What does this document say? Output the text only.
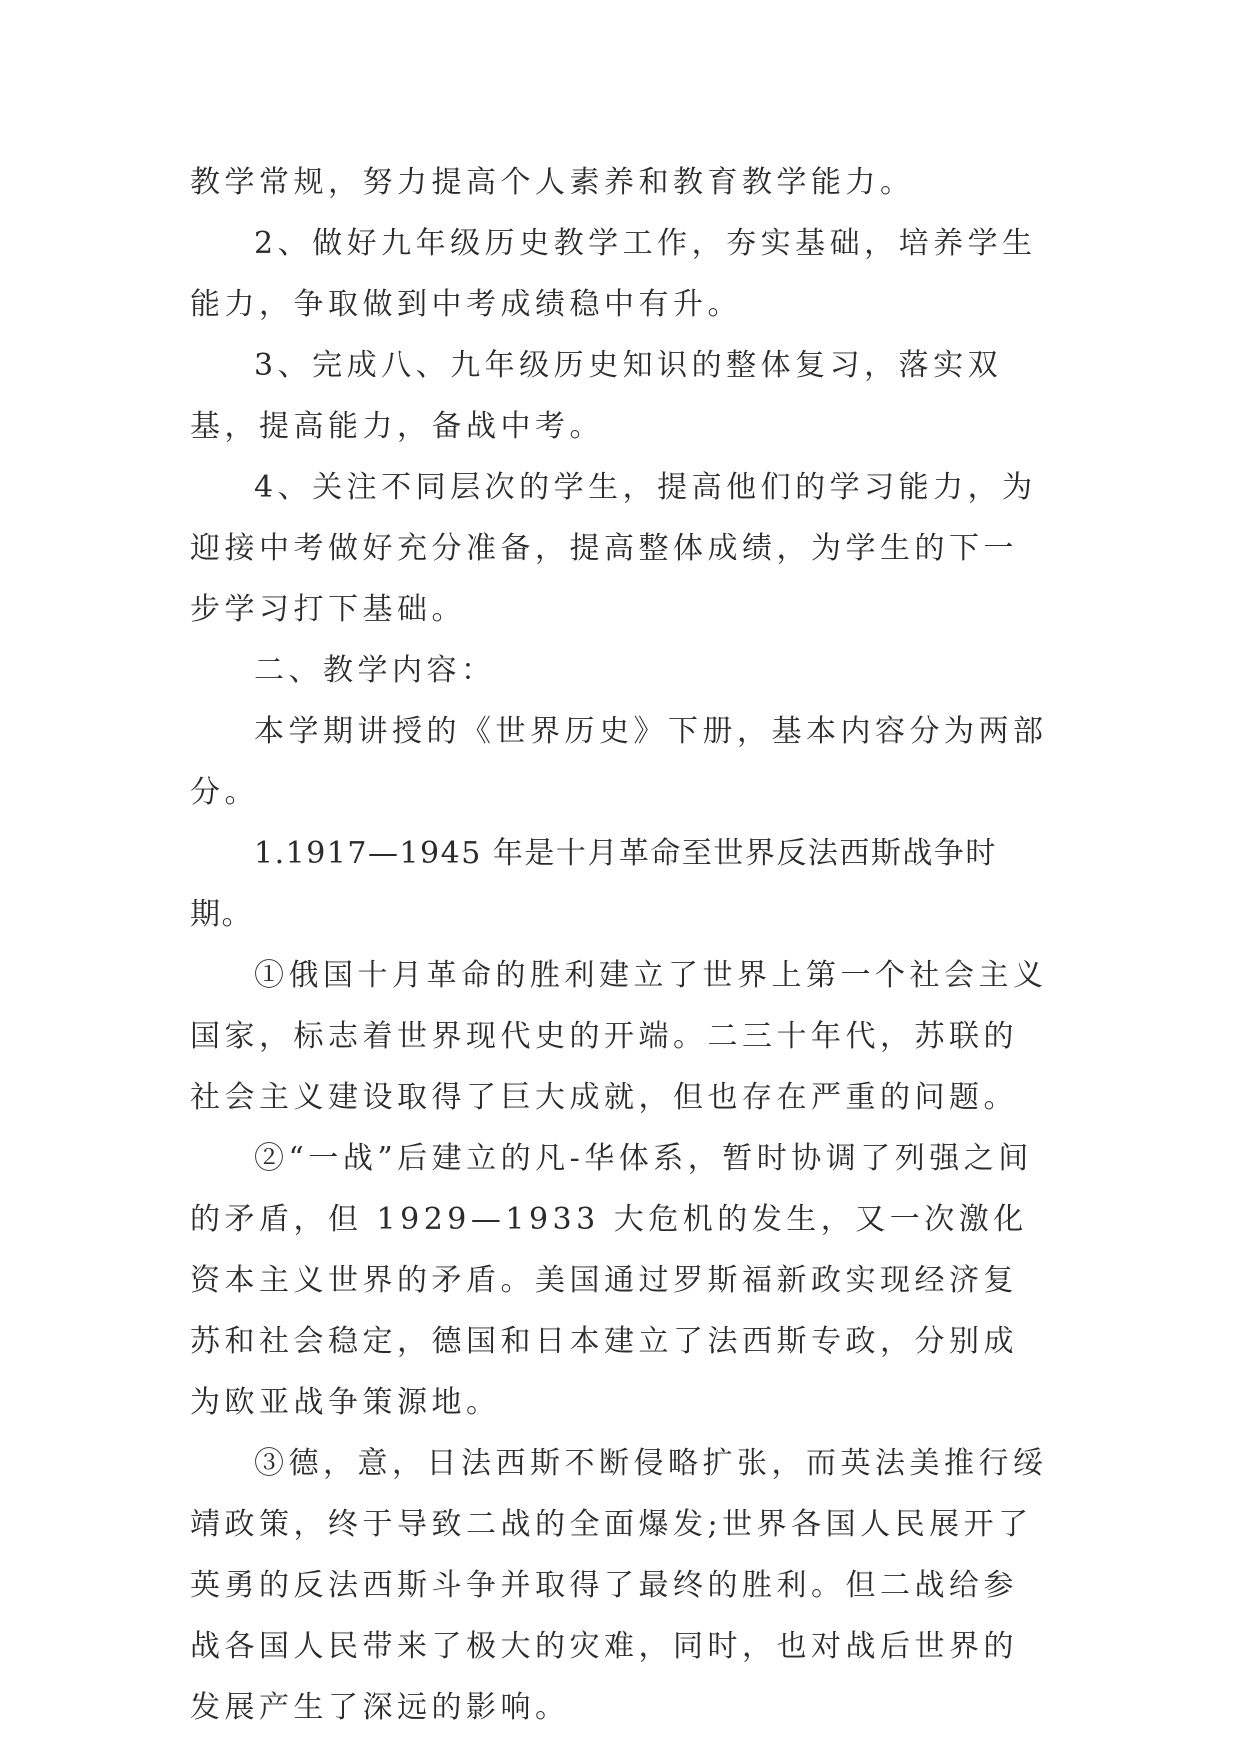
教学常规，努力提高个人素养和教育教学能力。

2、做好九年级历史教学工作，夯实基础，培养学生能力，争取做到中考成绩稳中有升。

3、完成八、九年级历史知识的整体复习，落实双基，提高能力，备战中考。

4、关注不同层次的学生，提高他们的学习能力，为迎接中考做好充分准备，提高整体成绩，为学生的下一步学习打下基础。

二、教学内容：

本学期讲授的《世界历史》下册，基本内容分为两部分。

1.1917—1945 年是十月革命至世界反法西斯战争时期。

①俄国十月革命的胜利建立了世界上第一个社会主义国家，标志着世界现代史的开端。二三十年代，苏联的社会主义建设取得了巨大成就，但也存在严重的问题。

②“一战”后建立的凡-华体系，暂时协调了列强之间的矛盾，但 1929—1933 大危机的发生，又一次激化资本主义世界的矛盾。美国通过罗斯福新政实现经济复苏和社会稳定，德国和日本建立了法西斯专政，分别成为欧亚战争策源地。

③德，意，日法西斯不断侵略扩张，而英法美推行绥靖政策，终于导致二战的全面爆发;世界各国人民展开了英勇的反法西斯斗争并取得了最终的胜利。但二战给参战各国人民带来了极大的灾难，同时，也对战后世界的发展产生了深远的影响。
